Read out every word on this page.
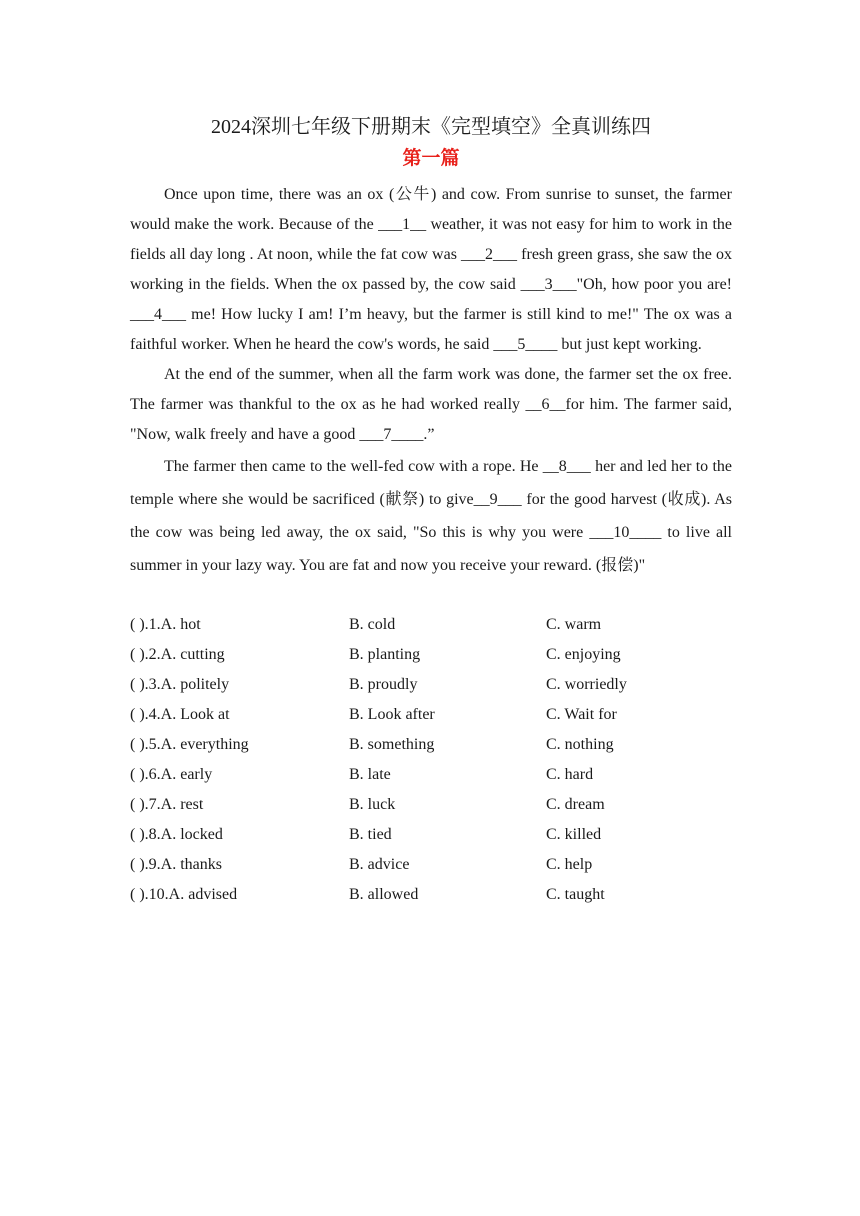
2024深圳七年级下册期末《完型填空》全真训练四
第一篇

Once upon time, there was an ox (公牛) and cow. From sunrise to sunset, the farmer would make the work. Because of the ___1__ weather, it was not easy for him to work in the fields all day long . At noon, while the fat cow was ___2___ fresh green grass, she saw the ox working in the fields. When the ox passed by, the cow said ___3___"Oh, how poor you are! ___4___ me! How lucky I am! I’m heavy, but the farmer is still kind to me!" The ox was a faithful worker. When he heard the cow's words, he said ___5____ but just kept working.

At the end of the summer, when all the farm work was done, the farmer set the ox free. The farmer was thankful to the ox as he had worked really __6__for him. The farmer said, "Now, walk freely and have a good ___7____.”

The farmer then came to the well-fed cow with a rope. He __8___ her and led her to the temple where she would be sacrificed (献祭) to give__9___ for the good harvest (收成). As the cow was being led away, the ox said, "So this is why you were ___10____ to live all summer in your lazy way. You are fat and now you receive your reward. (报偿)"

( ).1.A. hot	B. cold	C. warm
( ).2.A. cutting	B. planting	C. enjoying
( ).3.A. politely	B. proudly	C. worriedly
( ).4.A. Look at	B. Look after	C. Wait for
( ).5.A. everything	B. something	C. nothing
( ).6.A. early	B. late	C. hard
( ).7.A. rest	B. luck	C. dream
( ).8.A. locked	B. tied	C. killed
( ).9.A. thanks	B. advice	C. help
( ).10.A. advised	B. allowed	C. taught
